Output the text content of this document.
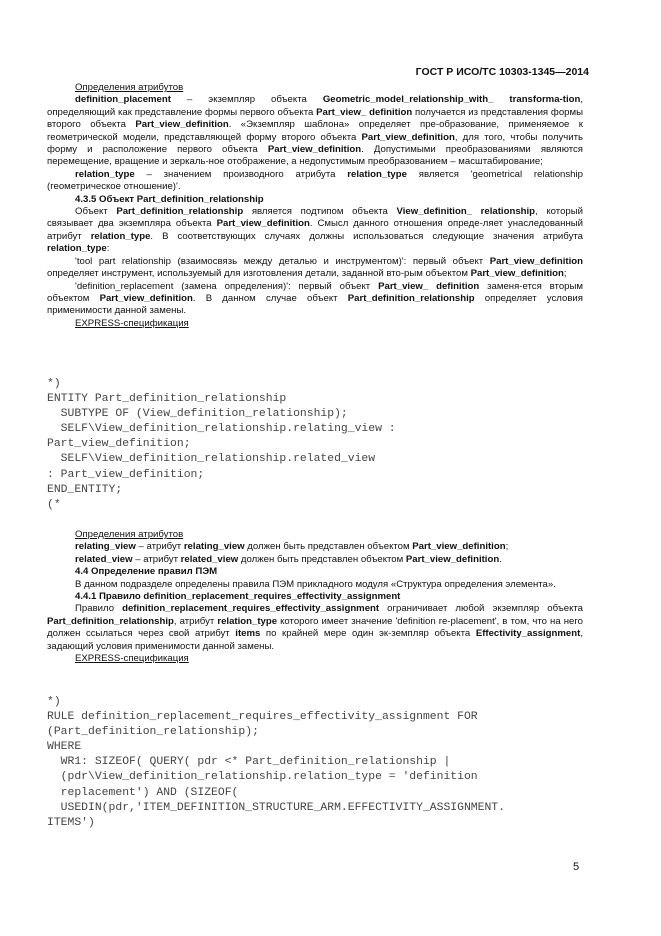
ГОСТ Р ИСО/ТС 10303-1345—2014

Определения атрибутов

definition_placement – экземпляр объекта Geometric_model_relationship_with_ transforma-tion, определяющий как представление формы первого объекта Part_view_ definition получается из представления формы второго объекта Part_view_definition. «Экземпляр шаблона» определяет пре-образование, применяемое к геометрической модели, представляющей форму второго объекта Part_view_definition, для того, чтобы получить форму и расположение первого объекта Part_view_definition. Допустимыми преобразованиями являются перемещение, вращение и зеркаль-ное отображение, а недопустимым преобразованием – масштабирование;

relation_type – значением производного атрибута relation_type является 'geometrical relationship (геометрическое отношение)'.

4.3.5 Объект Part_definition_relationship

Объект Part_definition_relationship является подтипом объекта View_definition_ relationship, который связывает два экземпляра объекта Part_view_definition. Смысл данного отношения опреде-ляет унаследованный атрибут relation_type. В соответствующих случаях должны использоваться следующие значения атрибута relation_type:

'tool part relationship (взаимосвязь между деталью и инструментом)': первый объект Part_view_definition определяет инструмент, используемый для изготовления детали, заданной вто-рым объектом Part_view_definition;

'definition_replacement (замена определения)': первый объект Part_view_ definition заменя-ется вторым объектом Part_view_definition. В данном случае объект Part_definition_relationship определяет условия применимости данной замены.

EXPRESS-спецификация

*)
ENTITY Part_definition_relationship
SUBTYPE OF (View_definition_relationship);
SELF\View_definition_relationship.relating_view :
Part_view_definition;
SELF\View_definition_relationship.related_view
: Part_view_definition;
END_ENTITY;
(*

Определения атрибутов

relating_view – атрибут relating_view должен быть представлен объектом Part_view_definition;

related_view – атрибут related_view должен быть представлен объектом Part_view_definition.

4.4 Определение правил ПЭМ

В данном подразделе определены правила ПЭМ прикладного модуля «Структура определения элемента».

4.4.1 Правило definition_replacement_requires_effectivity_assignment

Правило definition_replacement_requires_effectivity_assignment ограничивает любой экземпляр объекта Part_definition_relationship, атрибут relation_type которого имеет значение 'definition re-placement', в том, что на него должен ссылаться через свой атрибут items по крайней мере один эк-земпляр объекта Effectivity_assignment, задающий условия применимости данной замены.

EXPRESS-спецификация

*)
RULE definition_replacement_requires_effectivity_assignment FOR
(Part_definition_relationship);
WHERE
WR1: SIZEOF( QUERY( pdr <* Part_definition_relationship |
(pdr\View_definition_relationship.relation_type = 'definition
replacement') AND (SIZEOF(
USEDIN(pdr,'ITEM_DEFINITION_STRUCTURE_ARM.EFFECTIVITY_ASSIGNMENT.
ITEMS')
5
